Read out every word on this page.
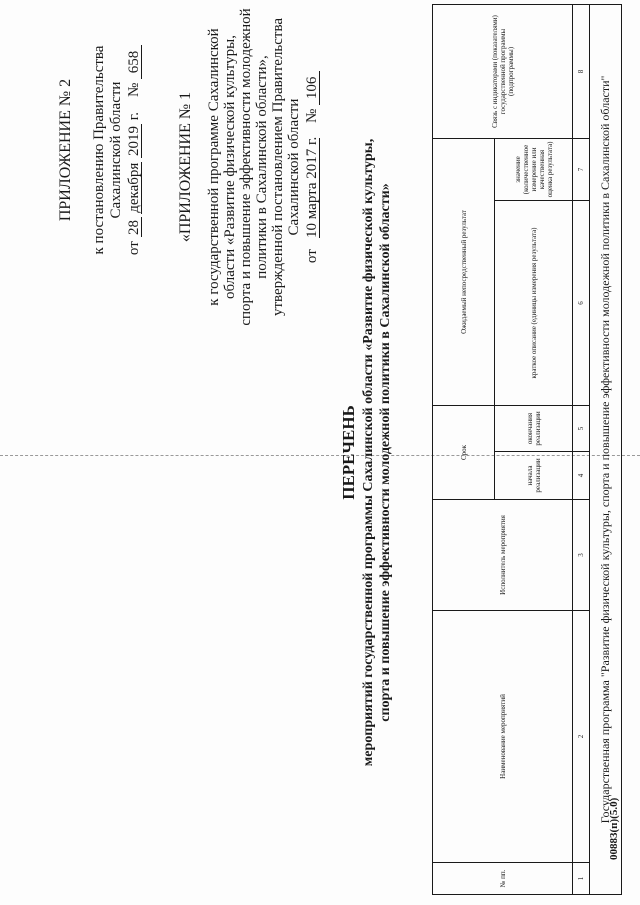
ПРИЛОЖЕНИЕ № 2 к постановлению Правительства Сахалинской области
от 28 декабря 2019 г.    № 658
«ПРИЛОЖЕНИЕ № 1 к государственной программе Сахалинской области «Развитие физической культуры, спорта и повышение эффективности молодежной политики в Сахалинской области», утвержденной постановлением Правительства Сахалинской области
от   10 марта 2017 г.    № 106
ПЕРЕЧЕНЬ мероприятий государственной программы Сахалинской области «Развитие физической культуры, спорта и повышение эффективности молодежной политики в Сахалинской области»
№ пп.	Наименование мероприятий	Исполнитель мероприятия	Срок		Ожидаемый непосредственный результат		Связь с индикаторами (показателями) государственной программы (подпрограммы)
			начала реализации	окончания реализации	краткое описание (единицы измерения результата)	значение (количественное измерение или качественная оценка результата)	
1	2	3	4	5	6	7	8
Государственная программа "Развитие физической культуры, спорта и повышение эффективности молодежной политики в Сахалинской области"							
00883(п)(5.0)
